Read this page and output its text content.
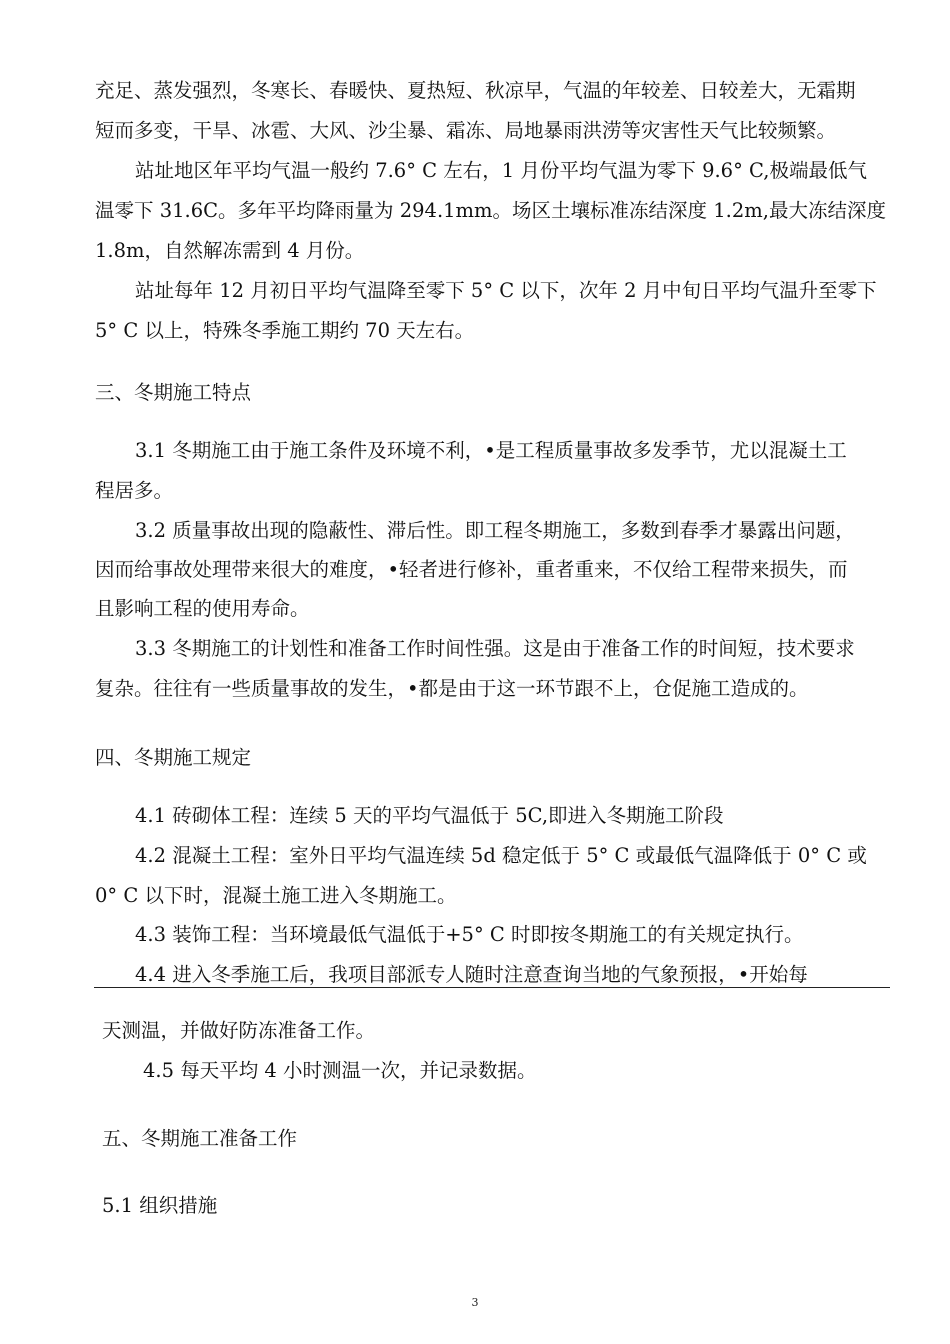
充足、蒸发强烈，冬寒长、春暖快、夏热短、秋凉早，气温的年较差、日较差大，无霜期
短而多变，干旱、冰雹、大风、沙尘暴、霜冻、局地暴雨洪涝等灾害性天气比较频繁。
站址地区年平均气温一般约 7.6° C 左右，1 月份平均气温为零下 9.6° C,极端最低气
温零下 31.6C。多年平均降雨量为 294.1mm。场区土壤标准冻结深度 1.2m,最大冻结深度
1.8m，自然解冻需到 4 月份。
站址每年 12 月初日平均气温降至零下 5° C 以下，次年 2 月中旬日平均气温升至零下
5° C 以上，特殊冬季施工期约 70 天左右。
三、冬期施工特点
3.1 冬期施工由于施工条件及环境不利，•是工程质量事故多发季节，尤以混凝土工
程居多。
3.2 质量事故出现的隐蔽性、滞后性。即工程冬期施工，多数到春季才暴露出问题，
因而给事故处理带来很大的难度，•轻者进行修补，重者重来，不仅给工程带来损失，而
且影响工程的使用寿命。
3.3 冬期施工的计划性和准备工作时间性强。这是由于准备工作的时间短，技术要求
复杂。往往有一些质量事故的发生，•都是由于这一环节跟不上，仓促施工造成的。
四、冬期施工规定
4.1 砖砌体工程：连续 5 天的平均气温低于 5C,即进入冬期施工阶段
4.2 混凝土工程：室外日平均气温连续 5d 稳定低于 5° C 或最低气温降低于 0° C 或
0° C 以下时，混凝土施工进入冬期施工。
4.3 装饰工程：当环境最低气温低于+5° C 时即按冬期施工的有关规定执行。
4.4 进入冬季施工后，我项目部派专人随时注意查询当地的气象预报，•开始每
天测温，并做好防冻准备工作。
4.5 每天平均 4 小时测温一次，并记录数据。
五、冬期施工准备工作
5.1 组织措施
3
